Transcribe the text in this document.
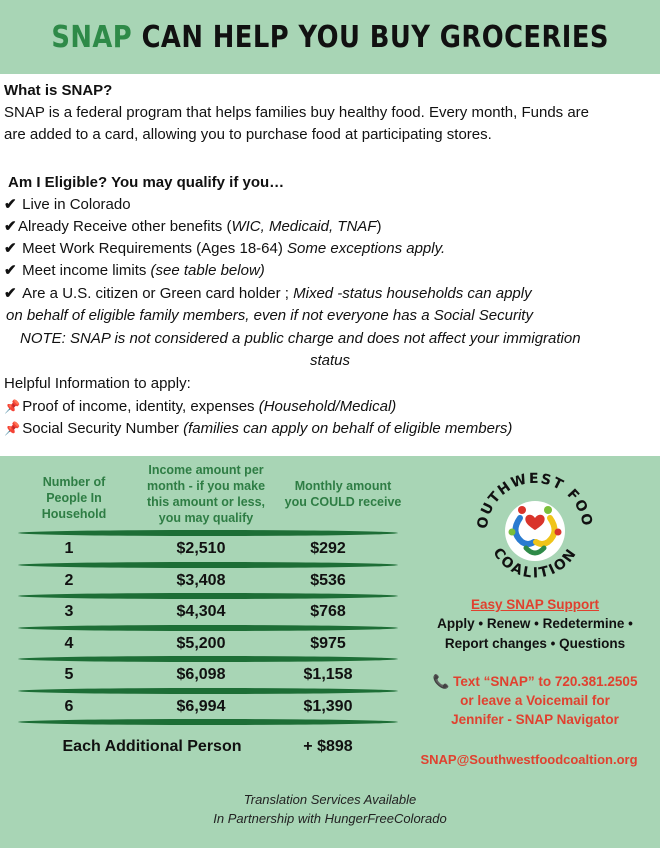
SNAP CAN HELP YOU BUY GROCERIES
What is SNAP?
SNAP is a federal program that helps families buy healthy food. Every month, Funds are
are added to a card, allowing you to purchase food at participating stores.
Am I Eligible? You may qualify if you…
✔ Live in Colorado
✔Already Receive other benefits (WIC, Medicaid, TNAF)
✔ Meet Work Requirements (Ages 18-64) Some exceptions apply.
✔ Meet income limits (see table below)
✔ Are a U.S. citizen or Green card holder ; Mixed -status households can apply
on behalf of eligible family members, even if not everyone has a Social Security
NOTE: SNAP is not considered a public charge and does not affect your immigration
status
Helpful Information to apply:
📌 Proof of income, identity, expenses (Household/Medical)
📌 Social Security Number (families can apply on behalf of eligible members)
Number of People In Household
Income amount per month - if you make this amount or less, you may qualify
Monthly amount you COULD receive
1	$2,510	$292
2	$3,408	$536
3	$4,304	$768
4	$5,200	$975
5	$6,098	$1,158
6	$6,994	$1,390
Each Additional Person	+ $898
OUTHWEST FOO
COALITION
Easy SNAP Support
Apply • Renew • Redetermine •
Report changes • Questions
📞 Text “SNAP” to 720.381.2505
or leave a Voicemail for
Jennifer - SNAP Navigator
SNAP@Southwestfoodcoaltion.org
Translation Services Available
In Partnership with HungerFreeColorado
